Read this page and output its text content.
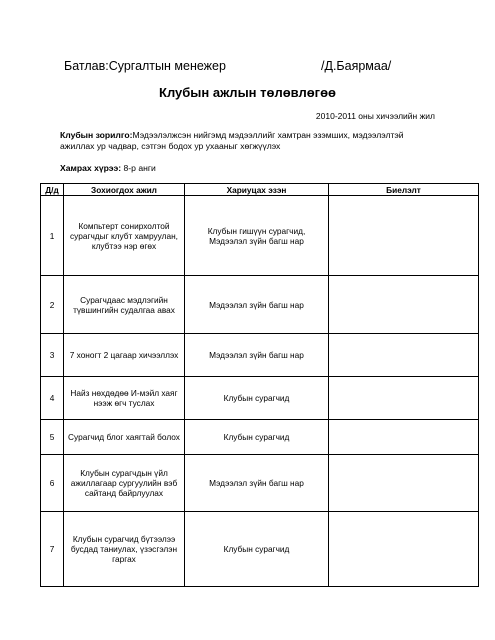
Батлав:Сургалтын менежер	/Д.Баярмаа/
Клубын ажлын төлөвлөгөө
2010-2011 оны хичээлийн жил
Клубын зорилго:Мэдээлэлжсэн нийгэмд мэдээллийг хамтран эзэмших, мэдээлэлтэй ажиллах ур чадвар, сэтгэн бодох ур ухааныг хөгжүүлэх
Хамрах хүрээ: 8-р анги
Д/д	Зохиогдох ажил	Хариуцах эзэн	Биелэлт
1	Компьтерт сонирхолтой сурагчдыг клубт хамруулан, клубтээ нэр өгөх	Клубын гишүүн сурагчид, Мэдээлэл зүйн багш нар	
2	Сурагчдаас мэдлэгийн түвшингийн судалгаа авах	Мэдээлэл зүйн багш нар	
3	7 хоногт 2 цагаар хичээллэх	Мэдээлэл зүйн багш нар	
4	Найз нөхдөдөө И-мэйл хаяг нээж өгч туслах	Клубын сурагчид	
5	Сурагчид блог хаягтай болох	Клубын сурагчид	
6	Клубын сурагчдын үйл ажиллагаар сургуулийн вэб сайтанд байрлуулах	Мэдээлэл зүйн багш нар	
7	Клубын сурагчид бүтээлээ бусдад таниулах, үзэсгэлэн гаргах	Клубын сурагчид	
